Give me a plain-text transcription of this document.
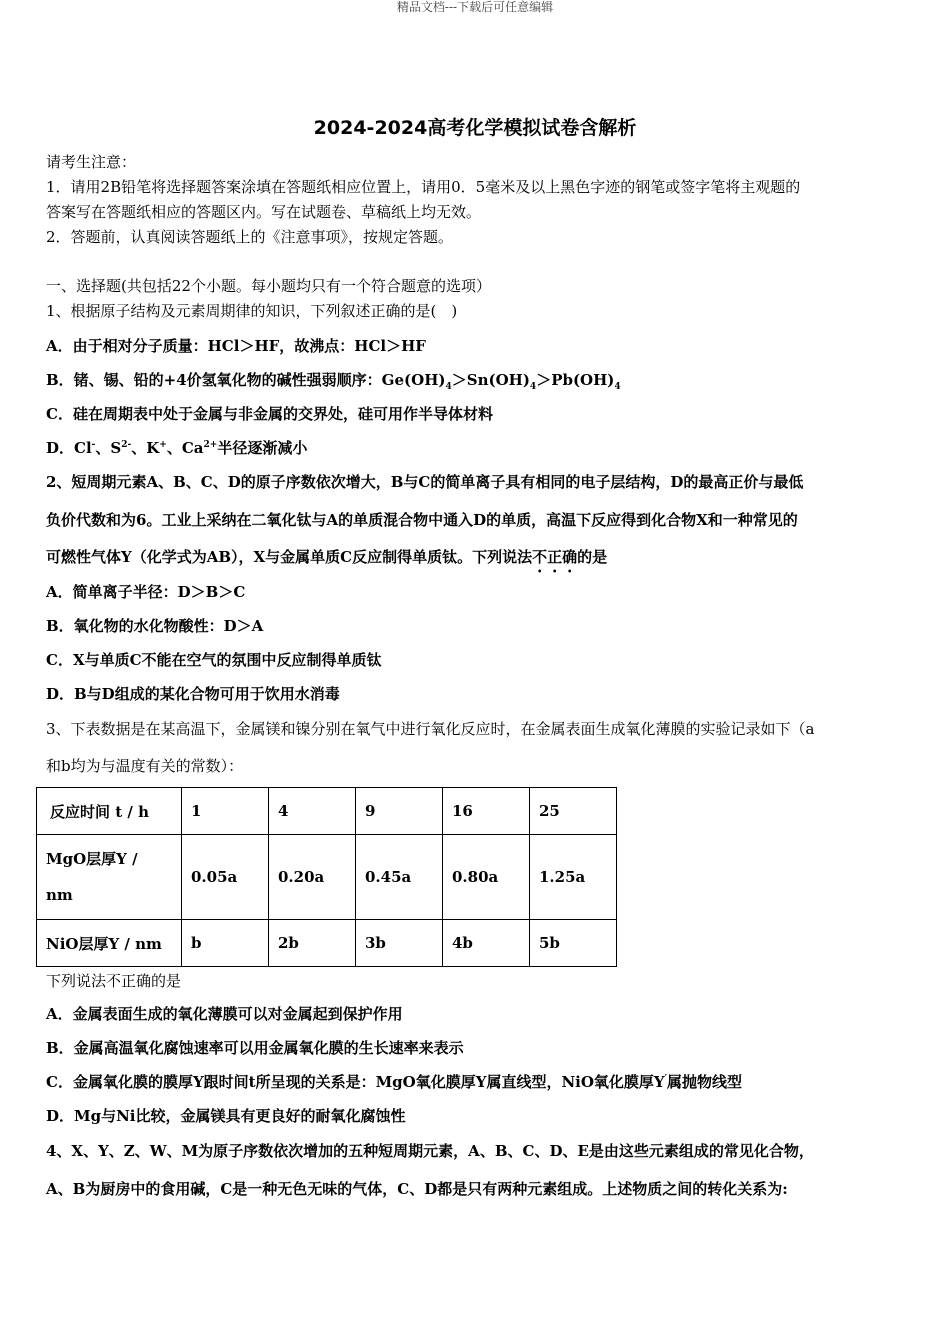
精品文档---下载后可任意编辑
2024-2024高考化学模拟试卷含解析
请考生注意：
1．请用2B铅笔将选择题答案涂填在答题纸相应位置上，请用0．5毫米及以上黑色字迹的钢笔或签字笔将主观题的
答案写在答题纸相应的答题区内。写在试题卷、草稿纸上均无效。
2．答题前，认真阅读答题纸上的《注意事项》，按规定答题。
一、选择题(共包括22个小题。每小题均只有一个符合题意的选项）
1、根据原子结构及元素周期律的知识，下列叙述正确的是(　)
A．由于相对分子质量：HCl＞HF，故沸点：HCl＞HF
B．锗、锡、铅的+4价氢氧化物的碱性强弱顺序：$Ge(OH)_4>Sn(OH)_4>Pb(OH)_4$
C．硅在周期表中处于金属与非金属的交界处，硅可用作半导体材料
D．Cl-、$S^{2-}$、K+、$Ca^{2+}$半径逐渐减小
2、短周期元素A、B、C、D的原子序数依次增大，B与C的简单离子具有相同的电子层结构，D的最高正价与最低
负价代数和为6。工业上采纳在二氧化钛与A的单质混合物中通入D的单质，高温下反应得到化合物X和一种常见的
可燃性气体Y（化学式为AB），X与金属单质C反应制得单质钛。下列说法不正确的是
A．简单离子半径：D＞B＞C
B．氧化物的水化物酸性：D＞A
C．X与单质C不能在空气的氛围中反应制得单质钛
D．B与D组成的某化合物可用于饮用水消毒
3、下表数据是在某高温下，金属镁和镍分别在氧气中进行氧化反应时，在金属表面生成氧化薄膜的实验记录如下（a
和b均为与温度有关的常数）：
反应时间 t / h	1	4	9	16	25
MgO层厚Y /
nm	0.05a	0.20a	0.45a	0.80a	1.25a
NiO层厚Y / nm	b	2b	3b	4b	5b
下列说法不正确的是
A．金属表面生成的氧化薄膜可以对金属起到保护作用
B．金属高温氧化腐蚀速率可以用金属氧化膜的生长速率来表示
C．金属氧化膜的膜厚Y跟时间t所呈现的关系是：MgO氧化膜厚Y属直线型，NiO氧化膜厚Y′属抛物线型
D．Mg与Ni比较，金属镁具有更良好的耐氧化腐蚀性
4、X、Y、Z、W、M为原子序数依次增加的五种短周期元素，A、B、C、D、E是由这些元素组成的常见化合物，
A、B为厨房中的食用碱，C是一种无色无味的气体，C、D都是只有两种元素组成。上述物质之间的转化关系为:
